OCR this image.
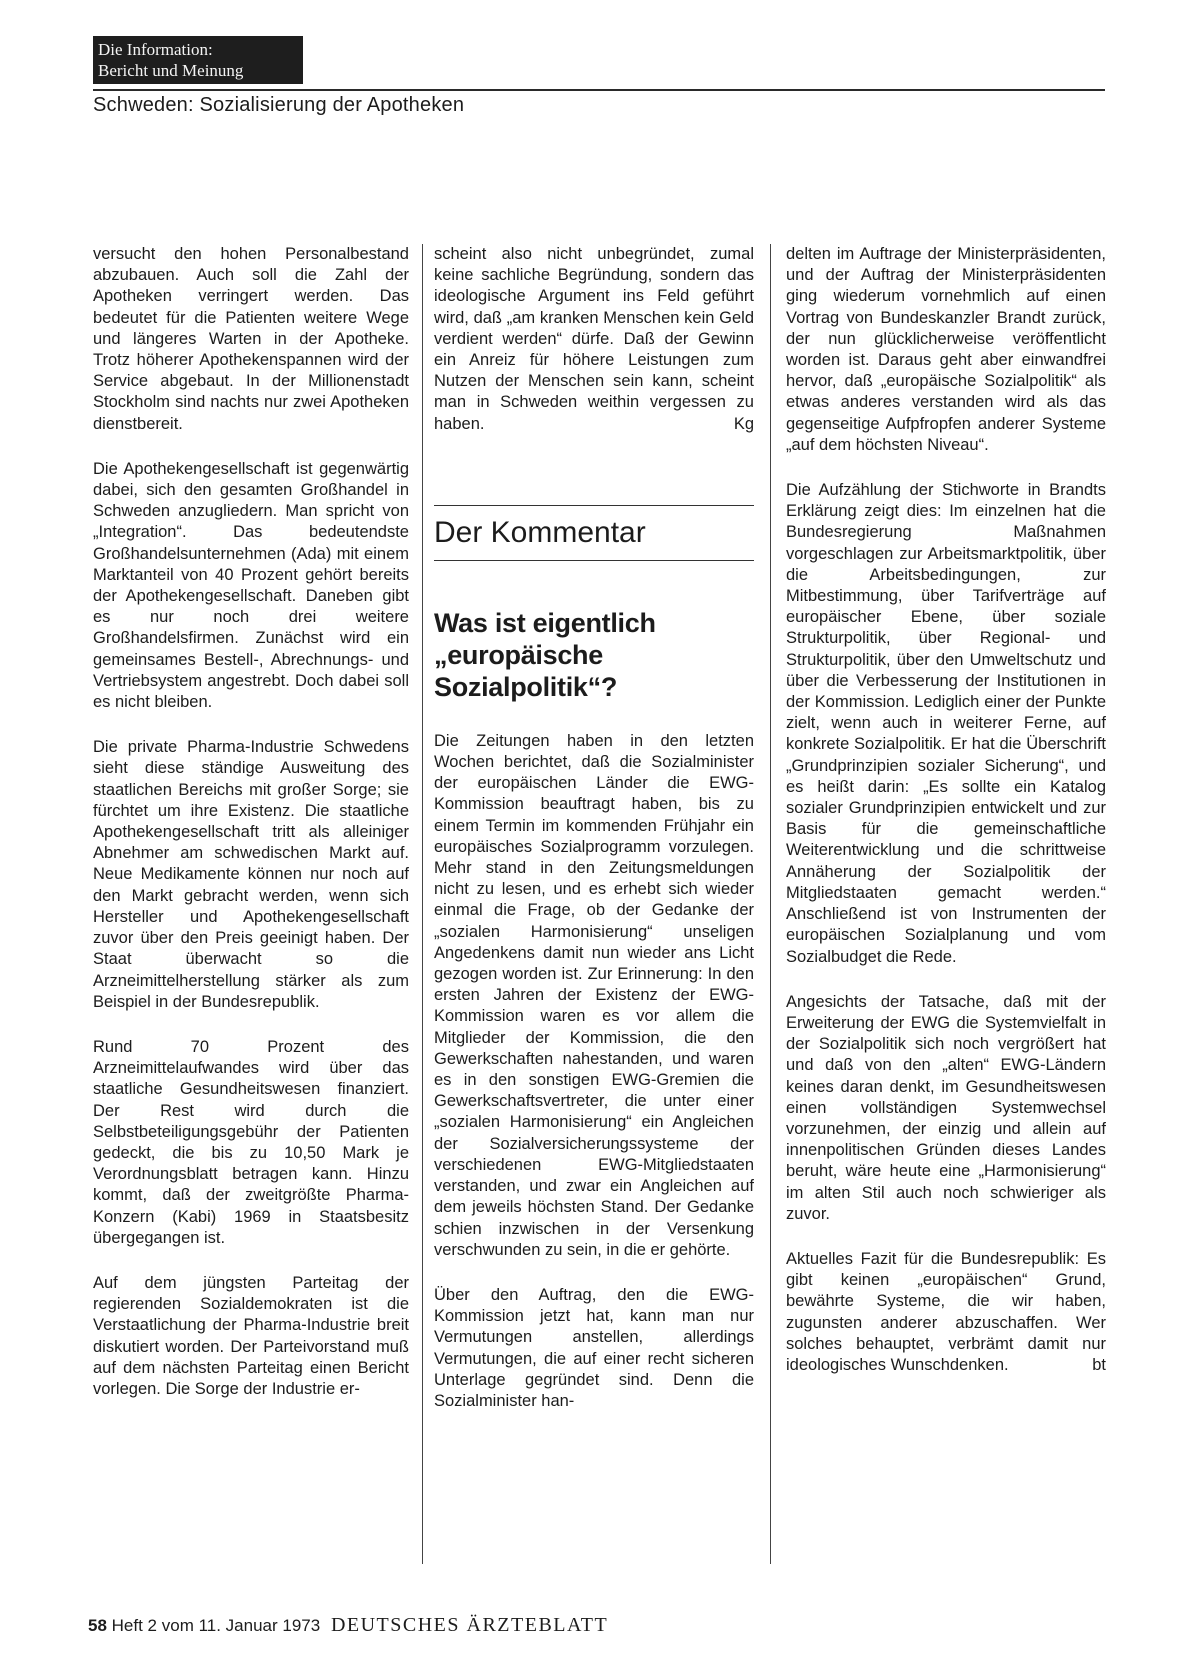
Die Information:
Bericht und Meinung
Schweden: Sozialisierung der Apotheken

versucht den hohen Personalbestand abzubauen. Auch soll die Zahl der Apotheken verringert werden. Das bedeutet für die Patienten weitere Wege und längeres Warten in der Apotheke. Trotz höherer Apothekenspannen wird der Service abgebaut. In der Millionenstadt Stockholm sind nachts nur zwei Apotheken dienstbereit.

Die Apothekengesellschaft ist gegenwärtig dabei, sich den gesamten Großhandel in Schweden anzugliedern. Man spricht von „Integration“. Das bedeutendste Großhandelsunternehmen (Ada) mit einem Marktanteil von 40 Prozent gehört bereits der Apothekengesellschaft. Daneben gibt es nur noch drei weitere Großhandelsfirmen. Zunächst wird ein gemeinsames Bestell-, Abrechnungs- und Vertriebsystem angestrebt. Doch dabei soll es nicht bleiben.

Die private Pharma-Industrie Schwedens sieht diese ständige Ausweitung des staatlichen Bereichs mit großer Sorge; sie fürchtet um ihre Existenz. Die staatliche Apothekengesellschaft tritt als alleiniger Abnehmer am schwedischen Markt auf. Neue Medikamente können nur noch auf den Markt gebracht werden, wenn sich Hersteller und Apothekengesellschaft zuvor über den Preis geeinigt haben. Der Staat überwacht so die Arzneimittelherstellung stärker als zum Beispiel in der Bundesrepublik.

Rund 70 Prozent des Arzneimittelaufwandes wird über das staatliche Gesundheitswesen finanziert. Der Rest wird durch die Selbstbeteiligungsgebühr der Patienten gedeckt, die bis zu 10,50 Mark je Verordnungsblatt betragen kann. Hinzu kommt, daß der zweitgrößte Pharma-Konzern (Kabi) 1969 in Staatsbesitz übergegangen ist.

Auf dem jüngsten Parteitag der regierenden Sozialdemokraten ist die Verstaatlichung der Pharma-Industrie breit diskutiert worden. Der Parteivorstand muß auf dem nächsten Parteitag einen Bericht vorlegen. Die Sorge der Industrie er-

scheint also nicht unbegründet, zumal keine sachliche Begründung, sondern das ideologische Argument ins Feld geführt wird, daß „am kranken Menschen kein Geld verdient werden“ dürfe. Daß der Gewinn ein Anreiz für höhere Leistungen zum Nutzen der Menschen sein kann, scheint man in Schweden weithin vergessen zu haben.	Kg

Der Kommentar
Was ist eigentlich
„europäische
Sozialpolitik“?

Die Zeitungen haben in den letzten Wochen berichtet, daß die Sozialminister der europäischen Länder die EWG-Kommission beauftragt haben, bis zu einem Termin im kommenden Frühjahr ein europäisches Sozialprogramm vorzulegen. Mehr stand in den Zeitungsmeldungen nicht zu lesen, und es erhebt sich wieder einmal die Frage, ob der Gedanke der „sozialen Harmonisierung“ unseligen Angedenkens damit nun wieder ans Licht gezogen worden ist. Zur Erinnerung: In den ersten Jahren der Existenz der EWG-Kommission waren es vor allem die Mitglieder der Kommission, die den Gewerkschaften nahestanden, und waren es in den sonstigen EWG-Gremien die Gewerkschaftsvertreter, die unter einer „sozialen Harmonisierung“ ein Angleichen der Sozialversicherungssysteme der verschiedenen EWG-Mitgliedstaaten verstanden, und zwar ein Angleichen auf dem jeweils höchsten Stand. Der Gedanke schien inzwischen in der Versenkung verschwunden zu sein, in die er gehörte.

Über den Auftrag, den die EWG-Kommission jetzt hat, kann man nur Vermutungen anstellen, allerdings Vermutungen, die auf einer recht sicheren Unterlage gegründet sind. Denn die Sozialminister han-

delten im Auftrage der Ministerpräsidenten, und der Auftrag der Ministerpräsidenten ging wiederum vornehmlich auf einen Vortrag von Bundeskanzler Brandt zurück, der nun glücklicherweise veröffentlicht worden ist. Daraus geht aber einwandfrei hervor, daß „europäische Sozialpolitik“ als etwas anderes verstanden wird als das gegenseitige Aufpfropfen anderer Systeme „auf dem höchsten Niveau“.

Die Aufzählung der Stichworte in Brandts Erklärung zeigt dies: Im einzelnen hat die Bundesregierung Maßnahmen vorgeschlagen zur Arbeitsmarktpolitik, über die Arbeitsbedingungen, zur Mitbestimmung, über Tarifverträge auf europäischer Ebene, über soziale Strukturpolitik, über Regional- und Strukturpolitik, über den Umweltschutz und über die Verbesserung der Institutionen in der Kommission. Lediglich einer der Punkte zielt, wenn auch in weiterer Ferne, auf konkrete Sozialpolitik. Er hat die Überschrift „Grundprinzipien sozialer Sicherung“, und es heißt darin: „Es sollte ein Katalog sozialer Grundprinzipien entwickelt und zur Basis für die gemeinschaftliche Weiterentwicklung und die schrittweise Annäherung der Sozialpolitik der Mitgliedstaaten gemacht werden.“ Anschließend ist von Instrumenten der europäischen Sozialplanung und vom Sozialbudget die Rede.

Angesichts der Tatsache, daß mit der Erweiterung der EWG die Systemvielfalt in der Sozialpolitik sich noch vergrößert hat und daß von den „alten“ EWG-Ländern keines daran denkt, im Gesundheitswesen einen vollständigen Systemwechsel vorzunehmen, der einzig und allein auf innenpolitischen Gründen dieses Landes beruht, wäre heute eine „Harmonisierung“ im alten Stil auch noch schwieriger als zuvor.

Aktuelles Fazit für die Bundesrepublik: Es gibt keinen „europäischen“ Grund, bewährte Systeme, die wir haben, zugunsten anderer abzuschaffen. Wer solches behauptet, verbrämt damit nur ideologisches Wunschdenken.	bt

58 Heft 2 vom 11. Januar 1973 DEUTSCHES ÄRZTEBLATT
